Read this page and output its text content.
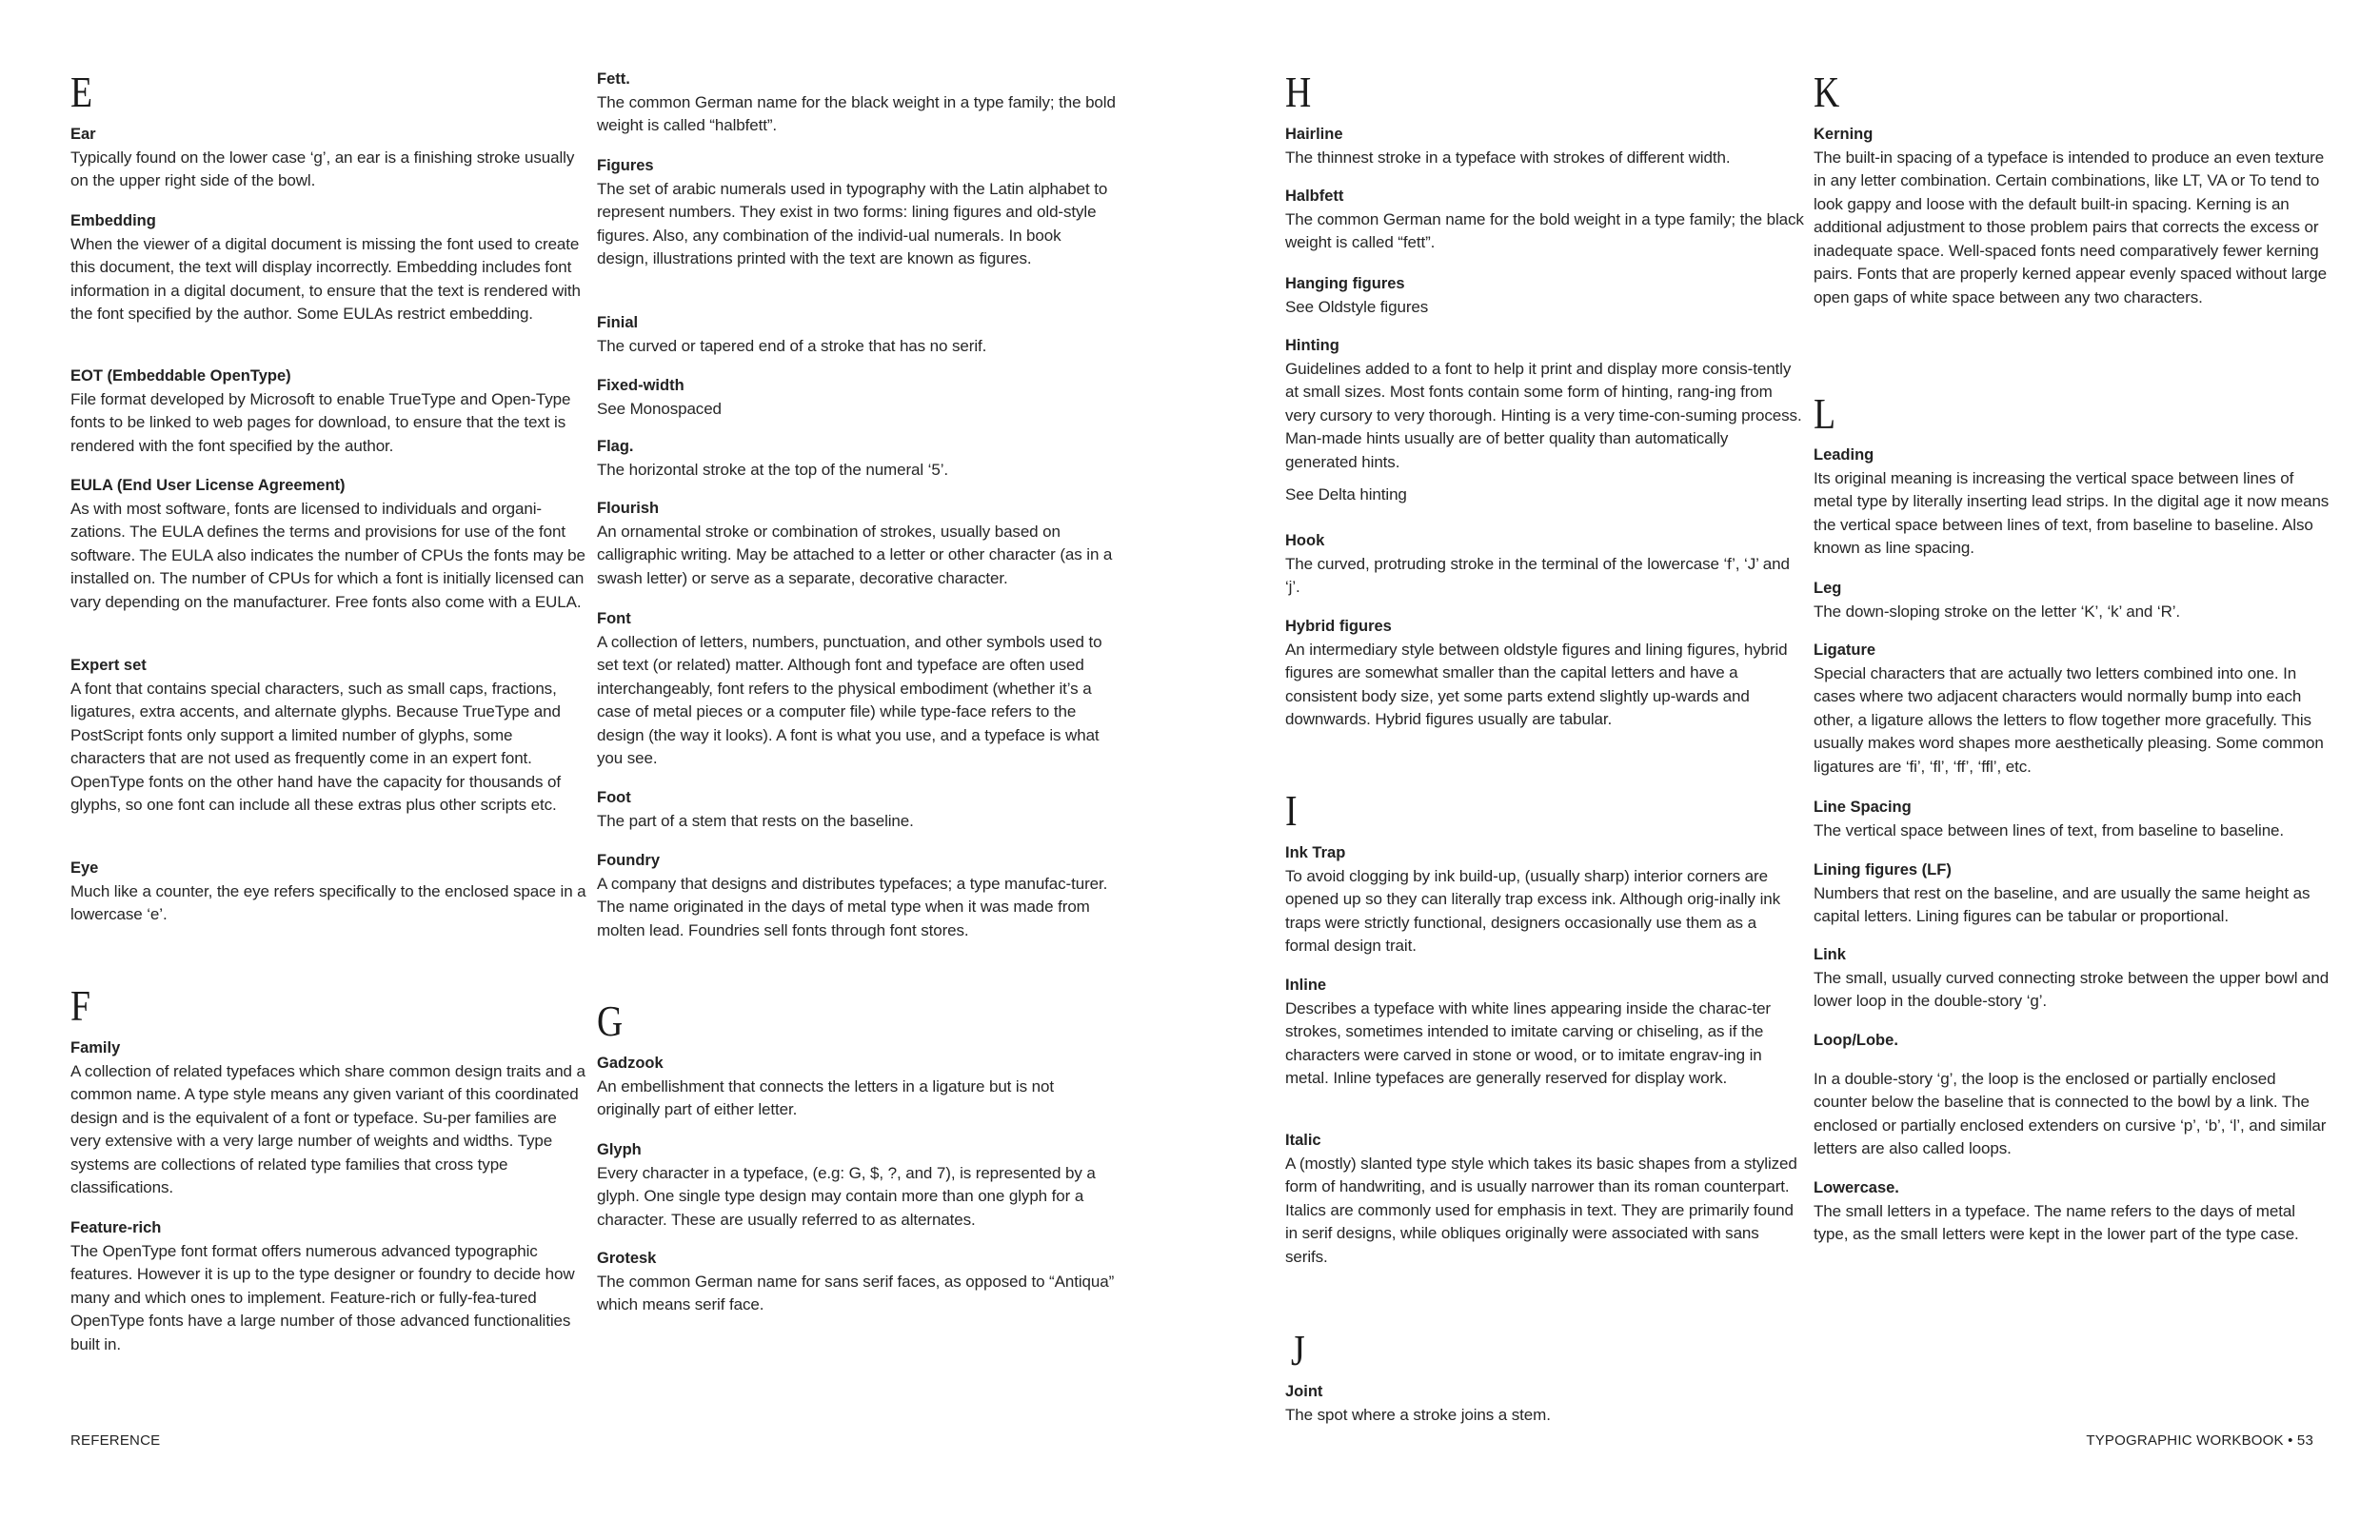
E
Ear
Typically found on the lower case ‘g’, an ear is a finishing stroke usually on the upper right side of the bowl.
Embedding
When the viewer of a digital document is missing the font used to create this document, the text will display incorrectly. Embedding includes font information in a digital document, to ensure that the text is rendered with the font specified by the author. Some EULAs restrict embedding.
EOT (Embeddable OpenType)
File format developed by Microsoft to enable TrueType and Open-Type fonts to be linked to web pages for download, to ensure that the text is rendered with the font specified by the author.
EULA (End User License Agreement)
As with most software, fonts are licensed to individuals and organi-zations. The EULA defines the terms and provisions for use of the font software. The EULA also indicates the number of CPUs the fonts may be installed on. The number of CPUs for which a font is initially licensed can vary depending on the manufacturer. Free fonts also come with a EULA.
Expert set
A font that contains special characters, such as small caps, fractions, ligatures, extra accents, and alternate glyphs. Because TrueType and PostScript fonts only support a limited number of glyphs, some characters that are not used as frequently come in an expert font. OpenType fonts on the other hand have the capacity for thousands of glyphs, so one font can include all these extras plus other scripts etc.
Eye
Much like a counter, the eye refers specifically to the enclosed space in a lowercase ‘e’.
F
Family
A collection of related typefaces which share common design traits and a common name. A type style means any given variant of this coordinated design and is the equivalent of a font or typeface. Su-per families are very extensive with a very large number of weights and widths. Type systems are collections of related type families that cross type classifications.
Feature-rich
The OpenType font format offers numerous advanced typographic features. However it is up to the type designer or foundry to decide how many and which ones to implement. Feature-rich or fully-fea-tured OpenType fonts have a large number of those advanced functionalities built in.
Fett.
The common German name for the black weight in a type family; the bold weight is called “halbfett”.
Figures
The set of arabic numerals used in typography with the Latin alphabet to represent numbers. They exist in two forms: lining figures and old-style figures. Also, any combination of the individ-ual numerals. In book design, illustrations printed with the text are known as figures.
Finial
The curved or tapered end of a stroke that has no serif.
Fixed-width
See Monospaced
Flag.
The horizontal stroke at the top of the numeral ‘5’.
Flourish
An ornamental stroke or combination of strokes, usually based on calligraphic writing. May be attached to a letter or other character (as in a swash letter) or serve as a separate, decorative character.
Font
A collection of letters, numbers, punctuation, and other symbols used to set text (or related) matter. Although font and typeface are often used interchangeably, font refers to the physical embodiment (whether it’s a case of metal pieces or a computer file) while type-face refers to the design (the way it looks). A font is what you use, and a typeface is what you see.
Foot
The part of a stem that rests on the baseline.
Foundry
A company that designs and distributes typefaces; a type manufac-turer. The name originated in the days of metal type when it was made from molten lead. Foundries sell fonts through font stores.
G
Gadzook
An embellishment that connects the letters in a ligature but is not originally part of either letter.
Glyph
Every character in a typeface, (e.g: G, $, ?, and 7), is represented by a glyph. One single type design may contain more than one glyph for a character. These are usually referred to as alternates.
Grotesk
The common German name for sans serif faces, as opposed to “Antiqua” which means serif face.
H
Hairline
The thinnest stroke in a typeface with strokes of different width.
Halbfett
The common German name for the bold weight in a type family; the black weight is called “fett”.
Hanging figures
See Oldstyle figures
Hinting
Guidelines added to a font to help it print and display more consis-tently at small sizes. Most fonts contain some form of hinting, rang-ing from very cursory to very thorough. Hinting is a very time-con-suming process. Man-made hints usually are of better quality than automatically generated hints.
See Delta hinting
Hook
The curved, protruding stroke in the terminal of the lowercase ‘f’, ‘J’ and ‘j’.
Hybrid figures
An intermediary style between oldstyle figures and lining figures, hybrid figures are somewhat smaller than the capital letters and have a consistent body size, yet some parts extend slightly up-wards and downwards. Hybrid figures usually are tabular.
I
Ink Trap
To avoid clogging by ink build-up, (usually sharp) interior corners are opened up so they can literally trap excess ink. Although orig-inally ink traps were strictly functional, designers occasionally use them as a formal design trait.
Inline
Describes a typeface with white lines appearing inside the charac-ter strokes, sometimes intended to imitate carving or chiseling, as if the characters were carved in stone or wood, or to imitate engrav-ing in metal. Inline typefaces are generally reserved for display work.
Italic
A (mostly) slanted type style which takes its basic shapes from a stylized form of handwriting, and is usually narrower than its roman counterpart. Italics are commonly used for emphasis in text. They are primarily found in serif designs, while obliques originally were associated with sans serifs.
J
Joint
The spot where a stroke joins a stem.
K
Kerning
The built-in spacing of a typeface is intended to produce an even texture in any letter combination. Certain combinations, like LT, VA or To tend to look gappy and loose with the default built-in spacing. Kerning is an additional adjustment to those problem pairs that corrects the excess or inadequate space. Well-spaced fonts need comparatively fewer kerning pairs. Fonts that are properly kerned appear evenly spaced without large open gaps of white space between any two characters.
L
Leading
Its original meaning is increasing the vertical space between lines of metal type by literally inserting lead strips. In the digital age it now means the vertical space between lines of text, from baseline to baseline. Also known as line spacing.
Leg
The down-sloping stroke on the letter ‘K’, ‘k’ and ‘R’.
Ligature
Special characters that are actually two letters combined into one. In cases where two adjacent characters would normally bump into each other, a ligature allows the letters to flow together more gracefully. This usually makes word shapes more aesthetically pleasing. Some common ligatures are ‘fi’, ‘fl’, ‘ff’, ‘ffl’, etc.
Line Spacing
The vertical space between lines of text, from baseline to baseline.
Lining figures (LF)
Numbers that rest on the baseline, and are usually the same height as capital letters. Lining figures can be tabular or proportional.
Link
The small, usually curved connecting stroke between the upper bowl and lower loop in the double-story ‘g’.
Loop/Lobe.
In a double-story ‘g’, the loop is the enclosed or partially enclosed counter below the baseline that is connected to the bowl by a link. The enclosed or partially enclosed extenders on cursive ‘p’, ‘b’, ‘l’, and similar letters are also called loops.
Lowercase.
The small letters in a typeface. The name refers to the days of metal type, as the small letters were kept in the lower part of the type case.
REFERENCE	TYPOGRAPHIC WORKBOOK • 53
